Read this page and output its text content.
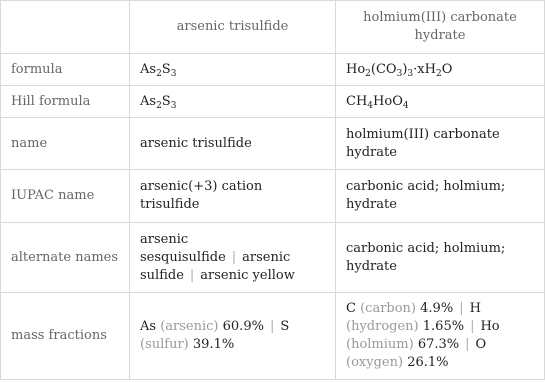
	arsenic trisulfide	holmium(III) carbonate hydrate
formula	$As_2S_3$	$Ho_2(CO_3)_3\cdot xH_2O$
Hill formula	$As_2S_3$	$CH_4HoO_4$
name	arsenic trisulfide	holmium(III) carbonate hydrate
IUPAC name	arsenic(+3) cation trisulfide	carbonic acid; holmium; hydrate
alternate names	arsenic sesquisulfide | arsenic sulfide | arsenic yellow	carbonic acid; holmium; hydrate
mass fractions	As (arsenic) 60.9% | S (sulfur) 39.1%	C (carbon) 4.9% | H (hydrogen) 1.65% | Ho (holmium) 67.3% | O (oxygen) 26.1%
